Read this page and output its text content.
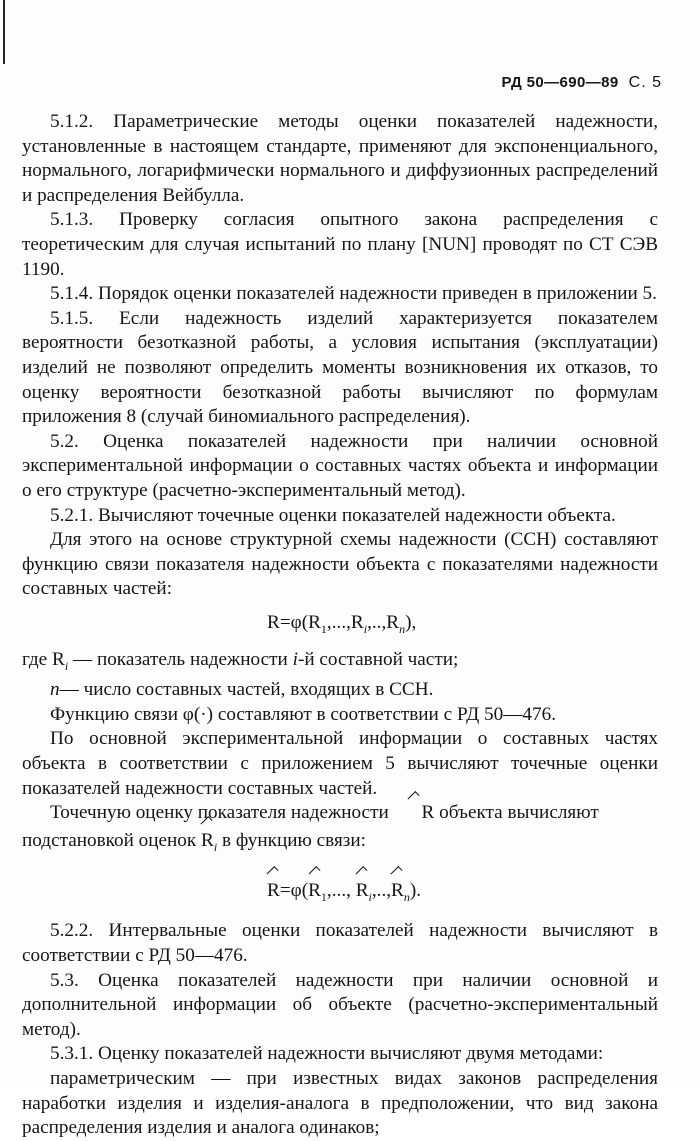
РД 50—690—89 С. 5

5.1.2. Параметрические методы оценки показателей надежности, установленные в настоящем стандарте, применяют для экспоненциального, нормального, логарифмически нормального и диффузионных распределений и распределения Вейбулла.

5.1.3. Проверку согласия опытного закона распределения с теоретическим для случая испытаний по плану [NUN] проводят по СТ СЭВ 1190.

5.1.4. Порядок оценки показателей надежности приведен в приложении 5.

5.1.5. Если надежность изделий характеризуется показателем вероятности безотказной работы, а условия испытания (эксплуатации) изделий не позволяют определить моменты возникновения их отказов, то оценку вероятности безотказной работы вычисляют по формулам приложения 8 (случай биномиального распределения).

5.2. Оценка показателей надежности при наличии основной экспериментальной информации о составных частях объекта и информации о его структуре (расчетно-экспериментальный метод).

5.2.1. Вычисляют точечные оценки показателей надежности объекта.

Для этого на основе структурной схемы надежности (ССН) составляют функцию связи показателя надежности объекта с показателями надежности составных частей:

$R=\varphi(R_1,...,R_i,..,R_n)$,

где $R_i$ — показатель надежности i-й составной части;

n— число составных частей, входящих в ССН.

Функцию связи φ(·) составляют в соответствии с РД 50—476.

По основной экспериментальной информации о составных частях объекта в соответствии с приложением 5 вычисляют точечные оценки показателей надежности составных частей.

Точечную оценку показателя надежности R объекта вычисляют

подстановкой оценок $R_i$ в функцию связи:

$R=\varphi(R_1$,..., $R_i,..,R_n$).

5.2.2. Интервальные оценки показателей надежности вычисляют в соответствии с РД 50—476.

5.3. Оценка показателей надежности при наличии основной и дополнительной информации об объекте (расчетно-экспериментальный метод).

5.3.1. Оценку показателей надежности вычисляют двумя методами:

параметрическим — при известных видах законов распределения наработки изделия и изделия-аналога в предположении, что вид закона распределения изделия и аналога одинаков;
